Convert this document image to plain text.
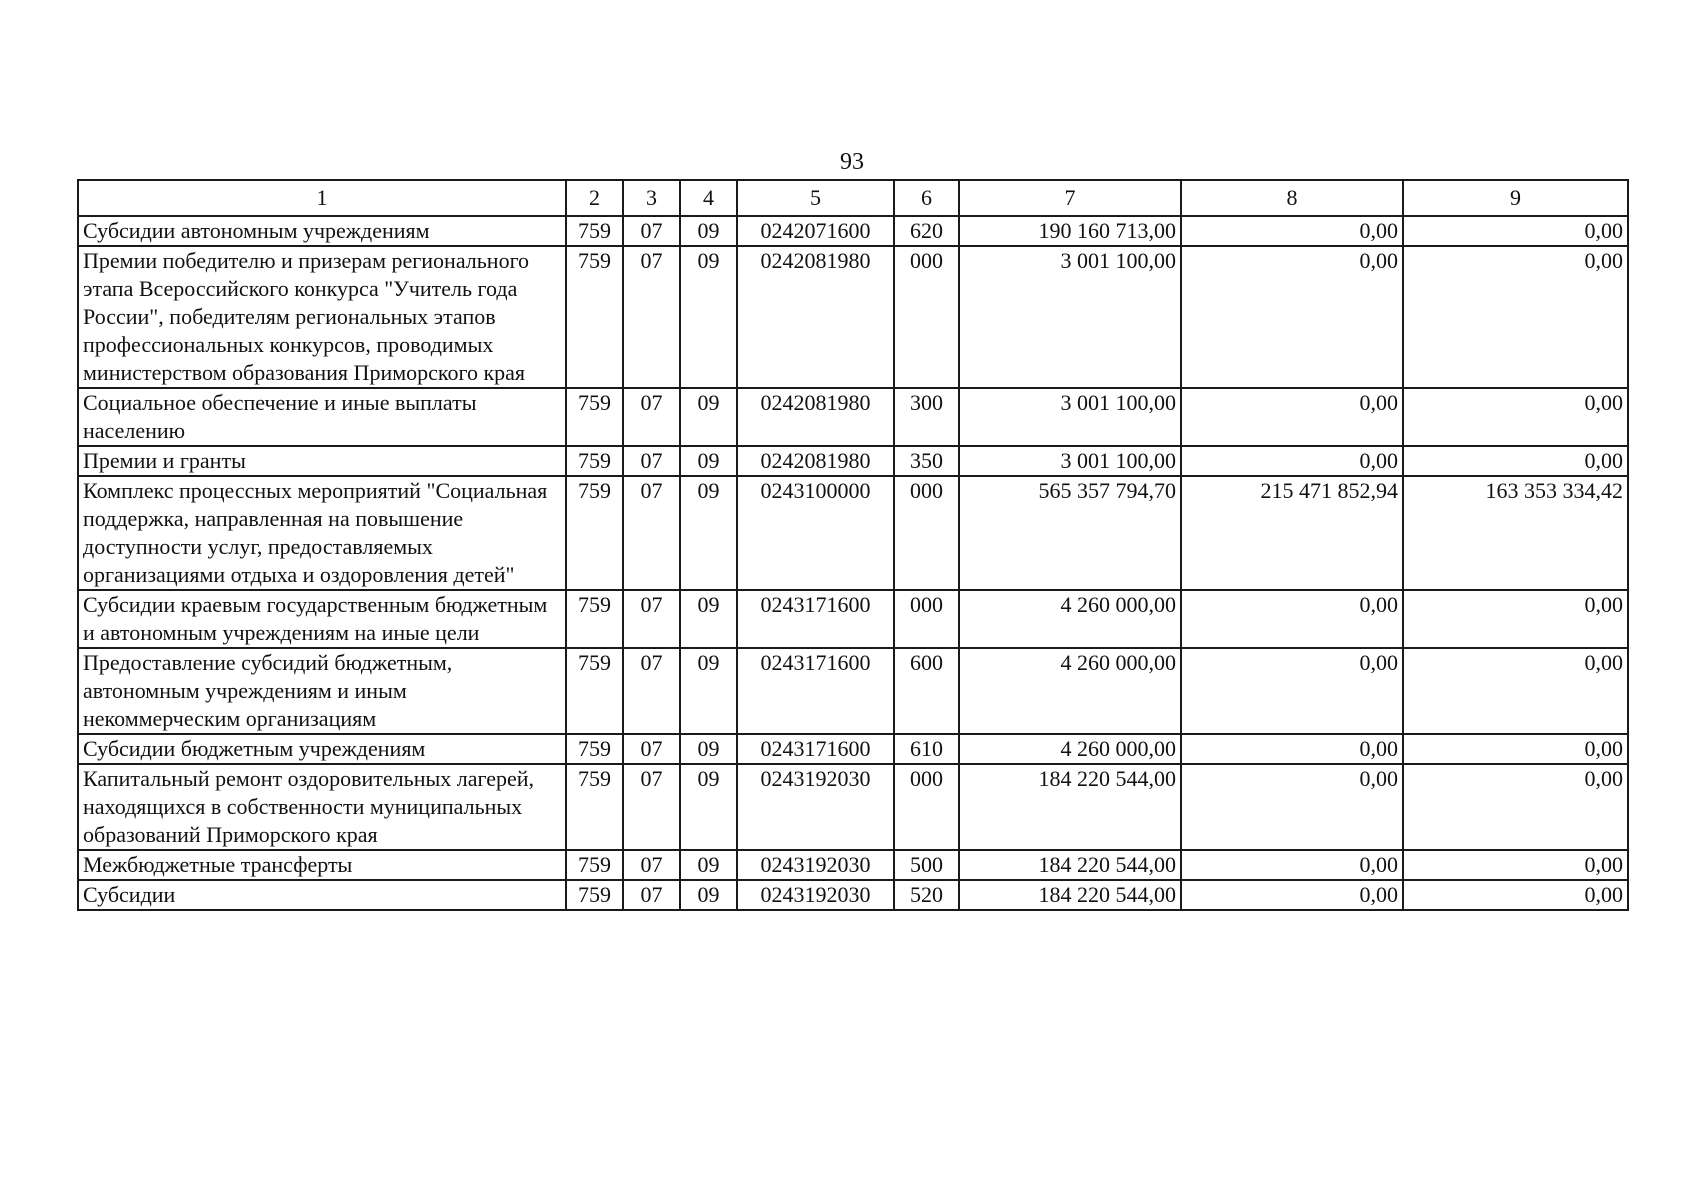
93
1	2	3	4	5	6	7	8	9
Субсидии автономным учреждениям	759	07	09	0242071600	620	190 160 713,00	0,00	0,00
Премии победителю и призерам регионального этапа Всероссийского конкурса "Учитель года России", победителям региональных этапов профессиональных конкурсов, проводимых министерством образования Приморского края	759	07	09	0242081980	000	3 001 100,00	0,00	0,00
Социальное обеспечение и иные выплаты населению	759	07	09	0242081980	300	3 001 100,00	0,00	0,00
Премии и гранты	759	07	09	0242081980	350	3 001 100,00	0,00	0,00
Комплекс процессных мероприятий "Социальная поддержка, направленная на повышение доступности услуг, предоставляемых организациями отдыха и оздоровления детей"	759	07	09	0243100000	000	565 357 794,70	215 471 852,94	163 353 334,42
Субсидии краевым государственным бюджетным и автономным учреждениям на иные цели	759	07	09	0243171600	000	4 260 000,00	0,00	0,00
Предоставление субсидий бюджетным, автономным учреждениям и иным некоммерческим организациям	759	07	09	0243171600	600	4 260 000,00	0,00	0,00
Субсидии бюджетным учреждениям	759	07	09	0243171600	610	4 260 000,00	0,00	0,00
Капитальный ремонт оздоровительных лагерей, находящихся в собственности муниципальных образований Приморского края	759	07	09	0243192030	000	184 220 544,00	0,00	0,00
Межбюджетные трансферты	759	07	09	0243192030	500	184 220 544,00	0,00	0,00
Субсидии	759	07	09	0243192030	520	184 220 544,00	0,00	0,00
